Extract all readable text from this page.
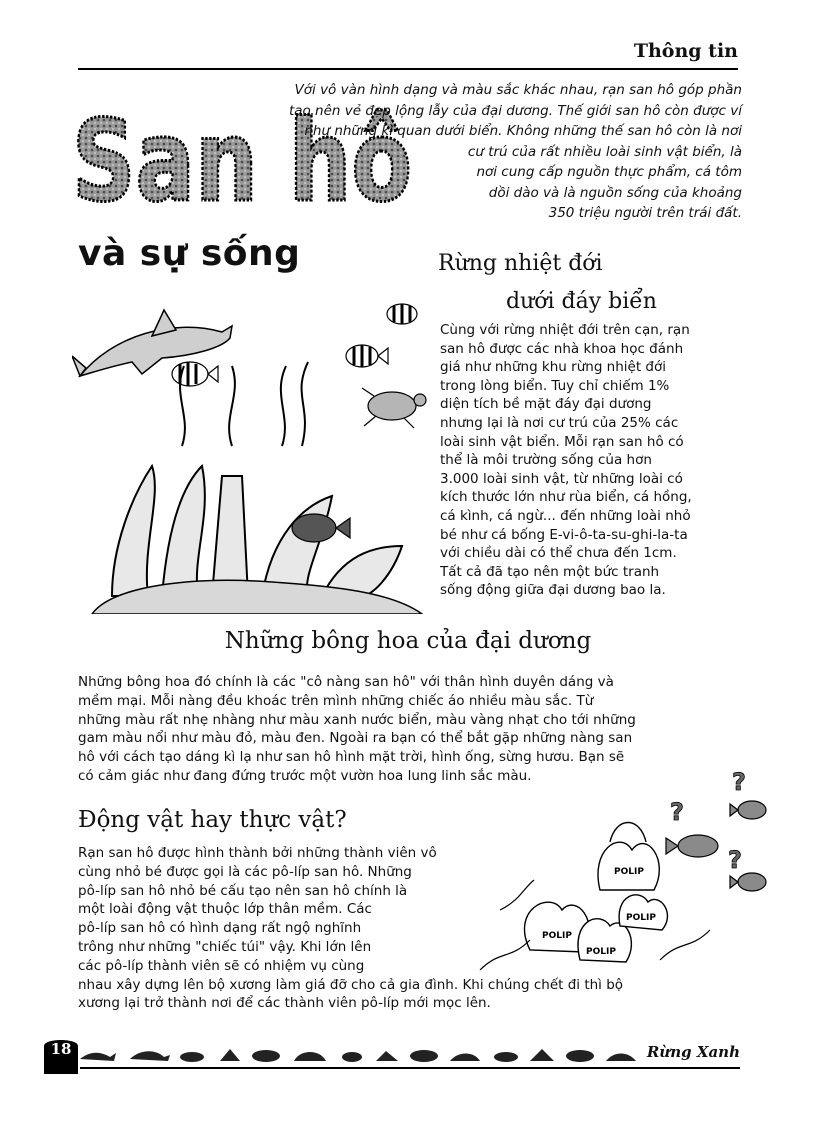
Thông tin
San hô
và sự sống
Với vô vàn hình dạng và màu sắc khác nhau, rạn san hô góp phần
tạo nên vẻ đẹp lộng lẫy của đại dương. Thế giới san hô còn được ví
như những kì quan dưới biển. Không những thế san hô còn là nơi
cư trú của rất nhiều loài sinh vật biển, là
nơi cung cấp nguồn thực phẩm, cá tôm
dồi dào và là nguồn sống của khoảng
350 triệu người trên trái đất.
Rừng nhiệt đới
dưới đáy biển
Cùng với rừng nhiệt đới trên cạn, rạn
san hô được các nhà khoa học đánh
giá như những khu rừng nhiệt đới
trong lòng biển. Tuy chỉ chiếm 1%
diện tích bề mặt đáy đại dương
nhưng lại là nơi cư trú của 25% các
loài sinh vật biển. Mỗi rạn san hô có
thể là môi trường sống của hơn
3.000 loài sinh vật, từ những loài có
kích thước lớn như rùa biển, cá hồng,
cá kình, cá ngừ... đến những loài nhỏ
bé như cá bống E-vi-ô-ta-su-ghi-la-ta
với chiều dài có thể chưa đến 1cm.
Tất cả đã tạo nên một bức tranh
sống động giữa đại dương bao la.
Những bông hoa của đại dương
Những bông hoa đó chính là các "cô nàng san hô" với thân hình duyên dáng và
mềm mại. Mỗi nàng đều khoác trên mình những chiếc áo nhiều màu sắc. Từ
những màu rất nhẹ nhàng như màu xanh nước biển, màu vàng nhạt cho tới những
gam màu nổi như màu đỏ, màu đen. Ngoài ra bạn có thể bắt gặp những nàng san
hô với cách tạo dáng kì lạ như san hô hình mặt trời, hình ống, sừng hươu. Bạn sẽ
có cảm giác như đang đứng trước một vườn hoa lung linh sắc màu.
Động vật hay thực vật?
Rạn san hô được hình thành bởi những thành viên vô
cùng nhỏ bé được gọi là các pô-líp san hô. Những
pô-líp san hô nhỏ bé cấu tạo nên san hô chính là
một loài động vật thuộc lớp thân mềm. Các
pô-líp san hô có hình dạng rất ngộ nghĩnh
trông như những "chiếc túi" vậy. Khi lớn lên
các pô-líp thành viên sẽ có nhiệm vụ cùng
nhau xây dựng lên bộ xương làm giá đỡ cho cả gia đình. Khi chúng chết đi thì bộ
xương lại trở thành nơi để các thành viên pô-líp mới mọc lên.
?
?
?
POLIP
POLIP
POLIP
POLIP
18	Rừng Xanh
